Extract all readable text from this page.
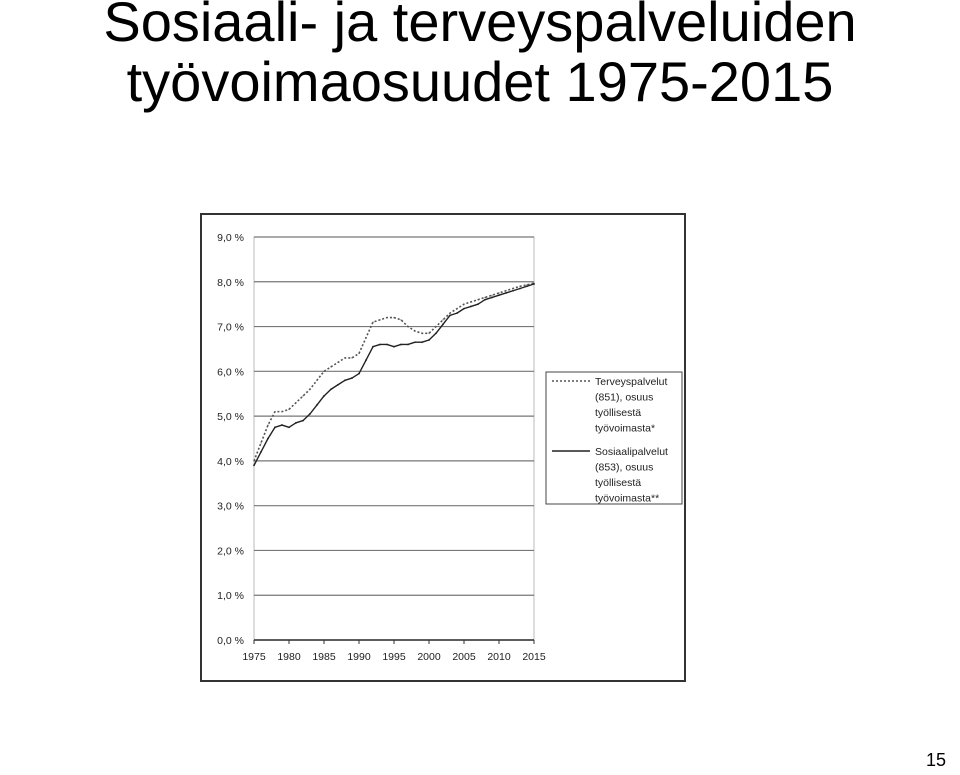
Sosiaali- ja terveyspalveluiden
työvoimaosuudet 1975-2015
0,0 %
1,0 %
2,0 %
3,0 %
4,0 %
5,0 %
6,0 %
7,0 %
8,0 %
9,0 %
1975 1980 1985 1990 1995 2000 2005 2010 2015
Terveyspalvelut (851), osuus työllisestä työvoimasta*
Sosiaalipalvelut (853), osuus työllisestä työvoimasta**
15
